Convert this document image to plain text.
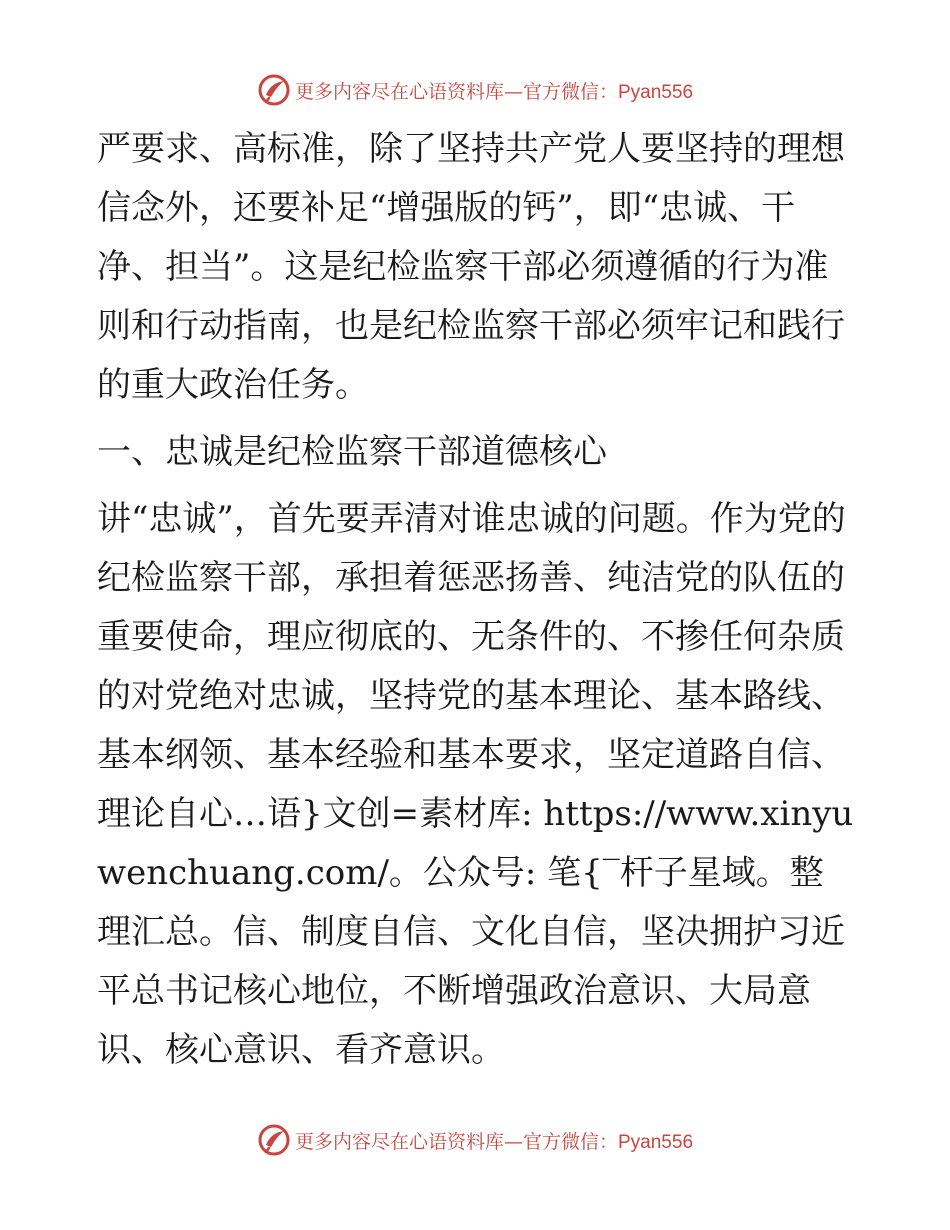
更多内容尽在心语资料库—官方微信：Pyan556

严要求、高标准，除了坚持共产党人要坚持的理想信念外，还要补足“增强版的钙”，即“忠诚、干净、担当”。这是纪检监察干部必须遵循的行为准则和行动指南，也是纪检监察干部必须牢记和践行的重大政治任务。

一、忠诚是纪检监察干部道德核心

讲“忠诚”，首先要弄清对谁忠诚的问题。作为党的纪检监察干部，承担着惩恶扬善、纯洁党的队伍的重要使命，理应彻底的、无条件的、不掺任何杂质的对党绝对忠诚，坚持党的基本理论、基本路线、基本纲领、基本经验和基本要求，坚定道路自信、理论自心…语}文创=素材库: https://www.xinyuwenchuang.com/。公众号: 笔{‾杆子星域。整理汇总。信、制度自信、文化自信，坚决拥护习近平总书记核心地位，不断增强政治意识、大局意识、核心意识、看齐意识。

更多内容尽在心语资料库—官方微信：Pyan556
